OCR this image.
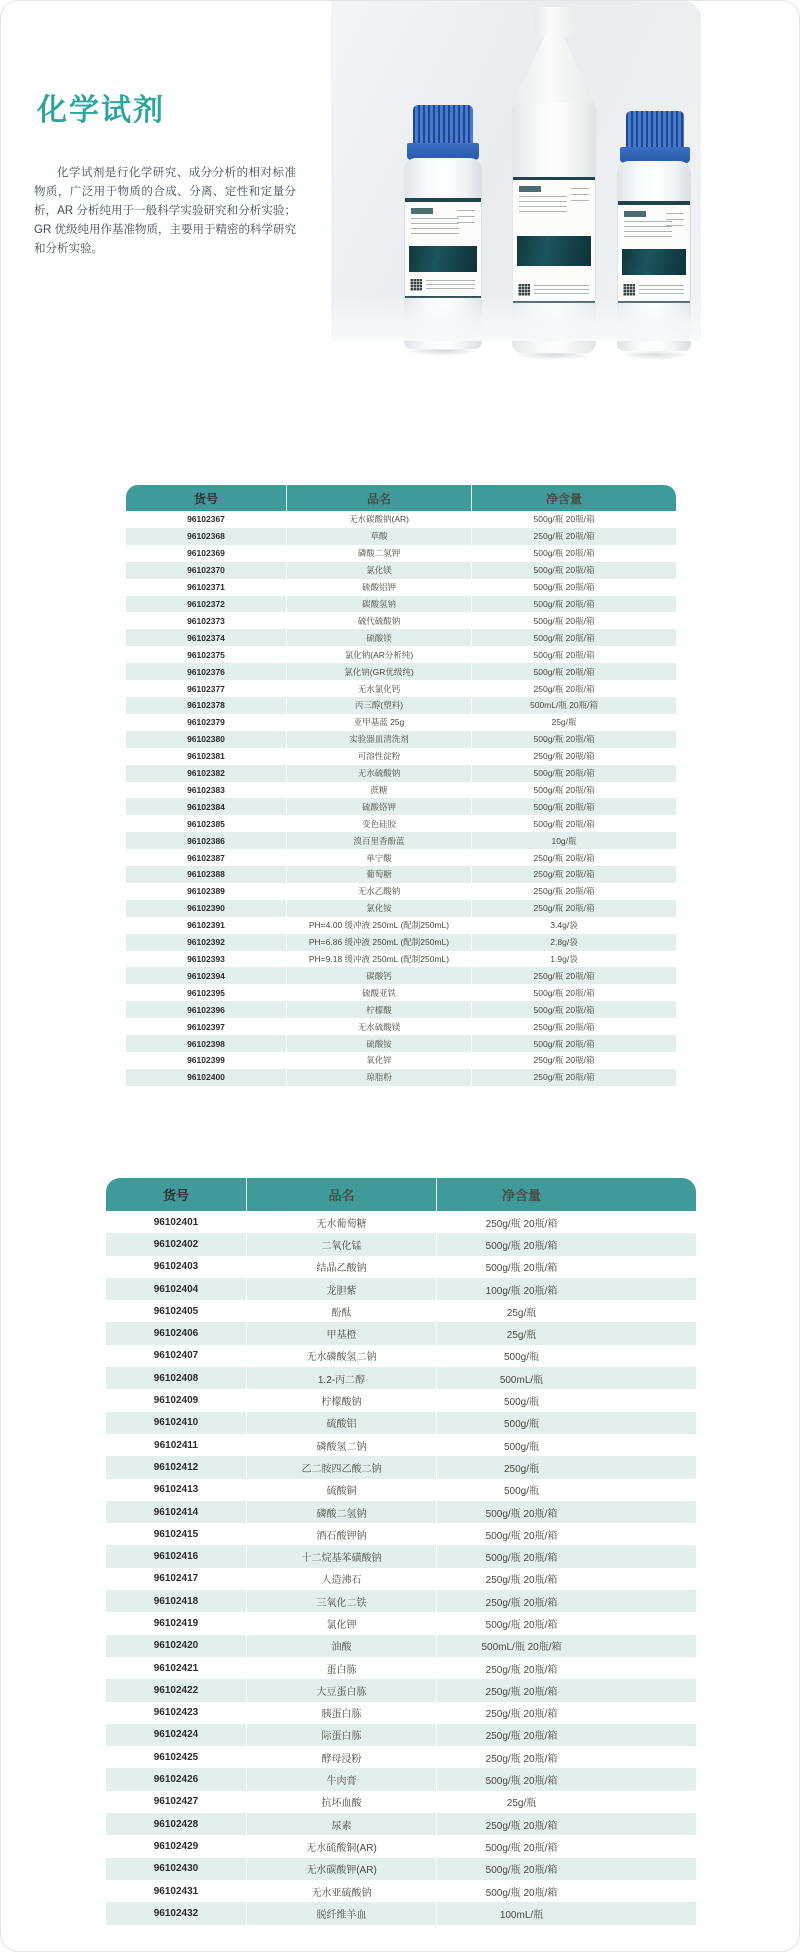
化学试剂
化学试剂是行化学研究、成分分析的相对标准物质，广泛用于物质的合成、分离、定性和定量分析，AR 分析纯用于一般科学实验研究和分析实验；GR 优级纯用作基准物质，主要用于精密的科学研究和分析实验。
货号	品名	净含量
96102367	无水碳酸钠(AR)	500g/瓶 20瓶/箱
96102368	草酸	250g/瓶 20瓶/箱
96102369	磷酸二氢钾	500g/瓶 20瓶/箱
96102370	氯化镁	500g/瓶 20瓶/箱
96102371	硫酸铝钾	500g/瓶 20瓶/箱
96102372	碳酸氢钠	500g/瓶 20瓶/箱
96102373	硫代硫酸钠	500g/瓶 20瓶/箱
96102374	硫酸镁	500g/瓶 20瓶/箱
96102375	氯化钠(AR分析纯)	500g/瓶 20瓶/箱
96102376	氯化钠(GR优级纯)	500g/瓶 20瓶/箱
96102377	无水氯化钙	250g/瓶 20瓶/箱
96102378	丙三醇(塑料)	500mL/瓶 20瓶/箱
96102379	亚甲基蓝 25g	25g/瓶
96102380	实验器皿清洗剂	500g/瓶 20瓶/箱
96102381	可溶性淀粉	250g/瓶 20瓶/箱
96102382	无水硫酸钠	500g/瓶 20瓶/箱
96102383	蔗糖	500g/瓶 20瓶/箱
96102384	硫酸铬钾	500g/瓶 20瓶/箱
96102385	变色硅胶	500g/瓶 20瓶/箱
96102386	溴百里香酚蓝	10g/瓶
96102387	单宁酸	250g/瓶 20瓶/箱
96102388	葡萄糖	250g/瓶 20瓶/箱
96102389	无水乙酸钠	250g/瓶 20瓶/箱
96102390	氯化铵	250g/瓶 20瓶/箱
96102391	PH=4.00 缓冲液 250mL (配制250mL)	3.4g/袋
96102392	PH=6.86 缓冲液 250mL (配制250mL)	2.8g/袋
96102393	PH=9.18 缓冲液 250mL (配制250mL)	1.9g/袋
96102394	碳酸钙	250g/瓶 20瓶/箱
96102395	硫酸亚铁	500g/瓶 20瓶/箱
96102396	柠檬酸	500g/瓶 20瓶/箱
96102397	无水硫酸镁	250g/瓶 20瓶/箱
96102398	硫酸铵	500g/瓶 20瓶/箱
96102399	氧化锌	250g/瓶 20瓶/箱
96102400	琼脂粉	250g/瓶 20瓶/箱
货号	品名	净含量
96102401	无水葡萄糖	250g/瓶 20瓶/箱
96102402	二氧化锰	500g/瓶 20瓶/箱
96102403	结晶乙酸钠	500g/瓶 20瓶/箱
96102404	龙胆紫	100g/瓶 20瓶/箱
96102405	酚酞	25g/瓶
96102406	甲基橙	25g/瓶
96102407	无水磷酸氢二钠	500g/瓶
96102408	1.2-丙二醇	500mL/瓶
96102409	柠檬酸钠	500g/瓶
96102410	硫酸铝	500g/瓶
96102411	磷酸氢二钠	500g/瓶
96102412	乙二胺四乙酸二钠	250g/瓶
96102413	硫酸铜	500g/瓶
96102414	磷酸二氢钠	500g/瓶 20瓶/箱
96102415	酒石酸钾钠	500g/瓶 20瓶/箱
96102416	十二烷基苯磺酸钠	500g/瓶 20瓶/箱
96102417	人造沸石	250g/瓶 20瓶/箱
96102418	三氧化二铁	250g/瓶 20瓶/箱
96102419	氯化钾	500g/瓶 20瓶/箱
96102420	油酸	500mL/瓶 20瓶/箱
96102421	蛋白胨	250g/瓶 20瓶/箱
96102422	大豆蛋白胨	250g/瓶 20瓶/箱
96102423	胰蛋白胨	250g/瓶 20瓶/箱
96102424	际蛋白胨	250g/瓶 20瓶/箱
96102425	酵母浸粉	250g/瓶 20瓶/箱
96102426	牛肉膏	500g/瓶 20瓶/箱
96102427	抗坏血酸	25g/瓶
96102428	尿素	250g/瓶 20瓶/箱
96102429	无水硫酸铜(AR)	500g/瓶 20瓶/箱
96102430	无水碳酸钾(AR)	500g/瓶 20瓶/箱
96102431	无水亚硫酸钠	500g/瓶 20瓶/箱
96102432	脱纤维羊血	100mL/瓶
